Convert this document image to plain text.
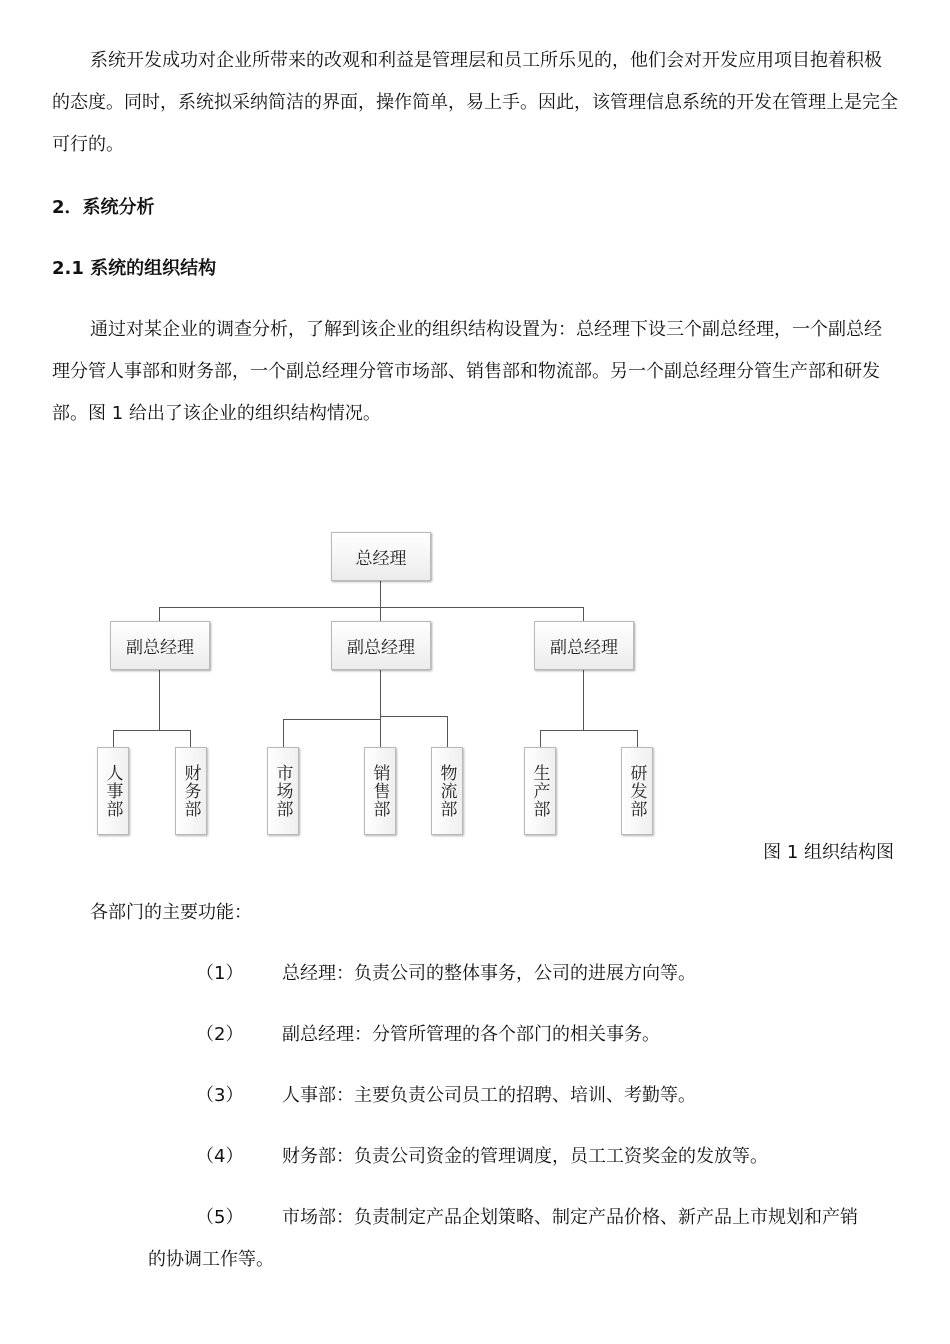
系统开发成功对企业所带来的改观和利益是管理层和员工所乐见的，他们会对开发应用项目抱着积极的态度。同时，系统拟采纳简洁的界面，操作简单，易上手。因此，该管理信息系统的开发在管理上是完全可行的。

2．系统分析

2.1 系统的组织结构

通过对某企业的调查分析，了解到该企业的组织结构设置为：总经理下设三个副总经理，一个副总经理分管人事部和财务部，一个副总经理分管市场部、销售部和物流部。另一个副总经理分管生产部和研发部。图 1 给出了该企业的组织结构情况。

总经理
副总经理	副总经理	副总经理
人事部	财务部	市场部	销售部	物流部	生产部	研发部
图 1 组织结构图
各部门的主要功能：
（1） 总经理：负责公司的整体事务，公司的进展方向等。
（2） 副总经理：分管所管理的各个部门的相关事务。
（3） 人事部：主要负责公司员工的招聘、培训、考勤等。
（4） 财务部：负责公司资金的管理调度，员工工资奖金的发放等。
（5） 市场部：负责制定产品企划策略、制定产品价格、新产品上市规划和产销
的协调工作等。
